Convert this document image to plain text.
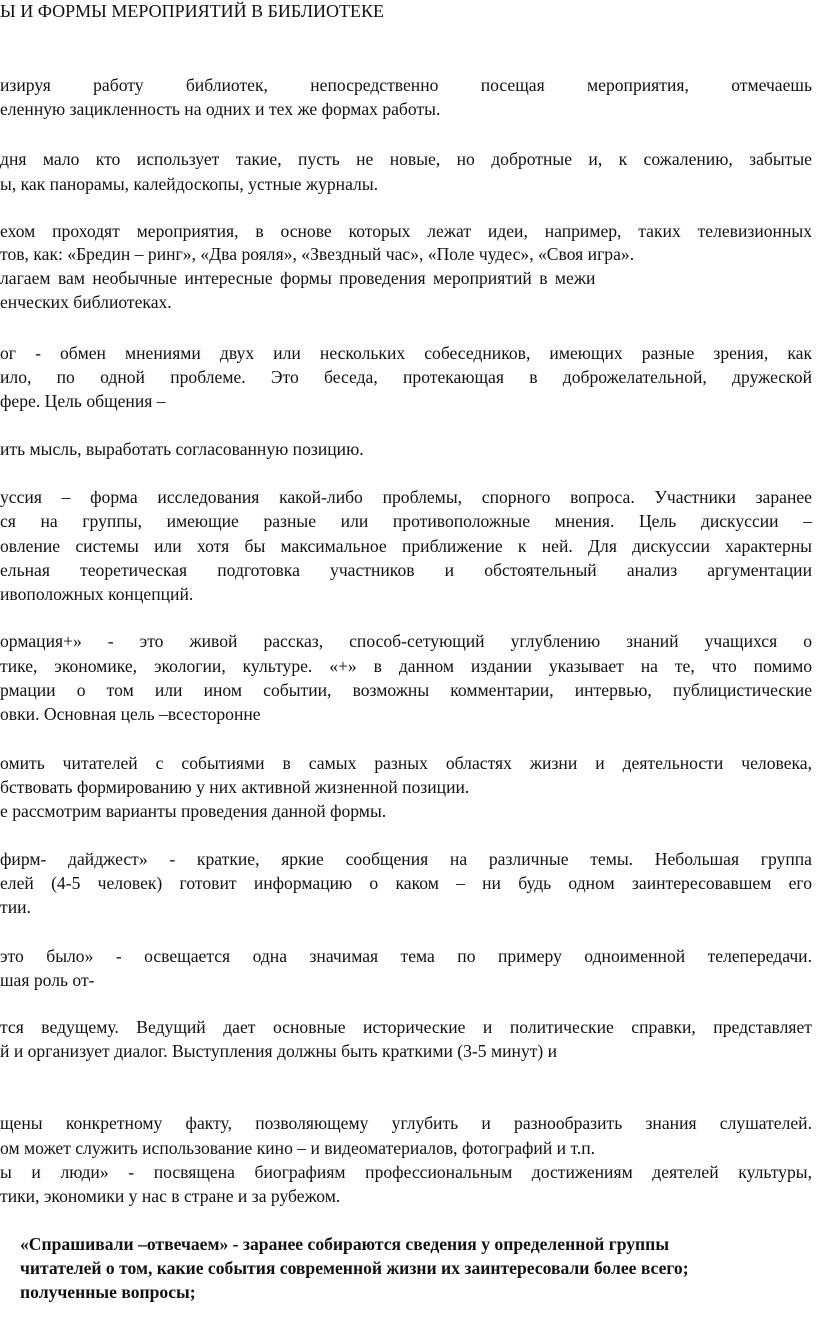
Ы И ФОРМЫ МЕРОПРИЯТИЙ В БИБЛИОТЕКЕ
изируя работу библиотек, непосредственно посещая мероприятия, отмечаешь
еленную зацикленность на одних и тех же формах работы.
дня мало кто использует такие, пусть не новые, но добротные и, к сожалению, забытые
ы, как панорамы, калейдоскопы, устные журналы.
ехом проходят мероприятия, в основе которых лежат идеи, например, таких телевизионных
тов, как: «Бредин – ринг», «Два рояля», «Звездный час», «Поле чудес», «Своя игра».
лагаем вам необычные интересные формы проведения мероприятий в межи
енческих библиотеках.
ог - обмен мнениями двух или нескольких собеседников, имеющих разные зрения, как
ило, по одной проблеме. Это беседа, протекающая в доброжелательной, дружеской
фере. Цель общения –
ить мысль, выработать согласованную позицию.
уссия – форма исследования какой-либо проблемы, спорного вопроса. Участники заранее
ся на группы, имеющие разные или противоположные мнения. Цель дискуссии –
овление системы или хотя бы максимальное приближение к ней. Для дискуссии характерны
ельная теоретическая подготовка участников и обстоятельный анализ аргументации
ивоположных концепций.
ормация+» - это живой рассказ, способ-сетующий углублению знаний учащихся о
тике, экономике, экологии, культуре. «+» в данном издании указывает на те, что помимо
рмации о том или ином событии, возможны комментарии, интервью, публицистические
овки. Основная цель –всесторонне
омить читателей с событиями в самых разных областях жизни и деятельности человека,
бствовать формированию у них активной жизненной позиции.
е рассмотрим варианты проведения данной формы.
фирм- дайджест» - краткие, яркие сообщения на различные темы. Небольшая группа
елей (4-5 человек) готовит информацию о каком – ни будь одном заинтересовавшем его
тии.
это было» - освещается одна значимая тема по примеру одноименной телепередачи.
шая роль от-
тся ведущему. Ведущий дает основные исторические и политические справки, представляет
й и организует диалог. Выступления должны быть краткими (3-5 минут) и
щены конкретному факту, позволяющему углубить и разнообразить знания слушателей.
ом может служить использование кино – и видеоматериалов, фотографий и т.п.
ы и люди» - посвящена биографиям профессиональным достижениям деятелей культуры,
тики, экономики у нас в стране и за рубежом.
«Спрашивали –отвечаем» - заранее собираются сведения у определенной группы
читателей о том, какие события современной жизни их заинтересовали более всего;
полученные вопросы;
